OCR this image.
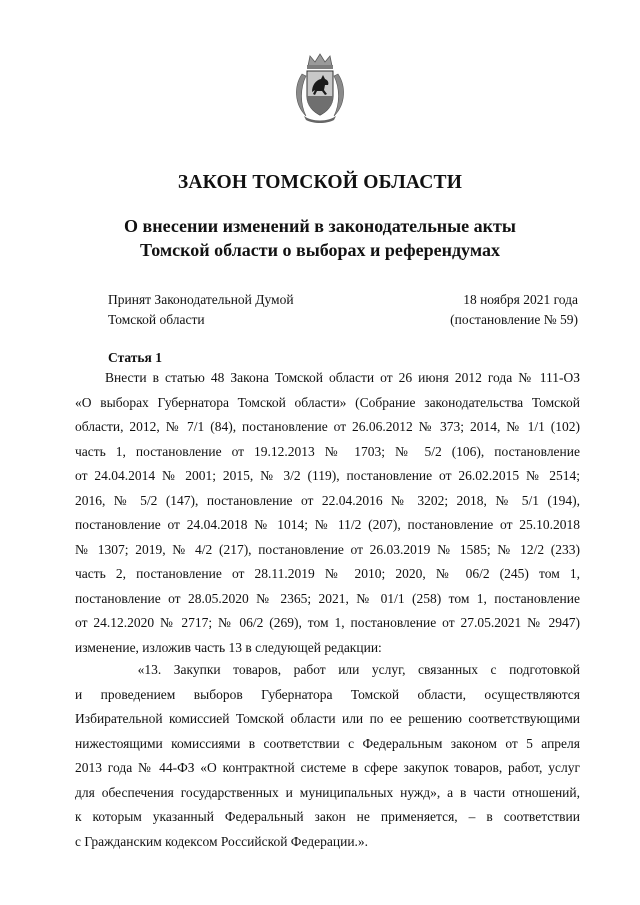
ЗАКОН ТОМСКОЙ ОБЛАСТИ
О внесении изменений в законодательные акты
Томской области о выборах и референдумах
Принят Законодательной Думой
Томской области
18 ноября 2021 года
(постановление № 59)
Статья 1
Внести в статью 48 Закона Томской области от 26 июня 2012 года № 111-ОЗ
«О выборах Губернатора Томской области» (Собрание законодательства Томской
области, 2012, № 7/1 (84), постановление от 26.06.2012 № 373; 2014, № 1/1 (102)
часть 1, постановление от 19.12.2013 № 1703; № 5/2 (106), постановление
от 24.04.2014 № 2001; 2015, № 3/2 (119), постановление от 26.02.2015 № 2514;
2016, № 5/2 (147), постановление от 22.04.2016 № 3202; 2018, № 5/1 (194),
постановление от 24.04.2018 № 1014; № 11/2 (207), постановление от 25.10.2018
№ 1307; 2019, № 4/2 (217), постановление от 26.03.2019 № 1585; № 12/2 (233)
часть 2, постановление от 28.11.2019 № 2010; 2020, № 06/2 (245) том 1,
постановление от 28.05.2020 № 2365; 2021, № 01/1 (258) том 1, постановление
от 24.12.2020 № 2717; № 06/2 (269), том 1, постановление от 27.05.2021 № 2947)
изменение, изложив часть 13 в следующей редакции:
«13. Закупки товаров, работ или услуг, связанных с подготовкой
и проведением выборов Губернатора Томской области, осуществляются
Избирательной комиссией Томской области или по ее решению соответствующими
нижестоящими комиссиями в соответствии с Федеральным законом от 5 апреля
2013 года № 44-ФЗ «О контрактной системе в сфере закупок товаров, работ, услуг
для обеспечения государственных и муниципальных нужд», а в части отношений,
к которым указанный Федеральный закон не применяется, – в соответствии
с Гражданским кодексом Российской Федерации.».
